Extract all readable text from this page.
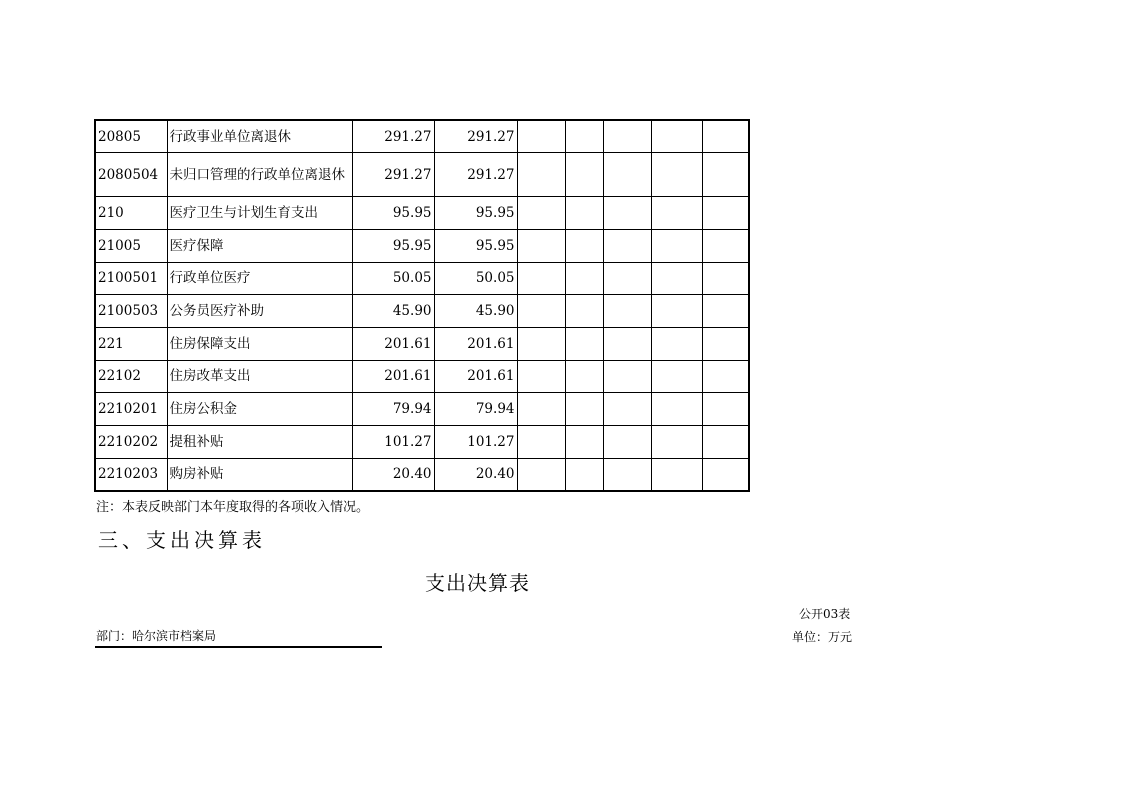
20805	行政事业单位离退休	291.27	291.27					
2080504	未归口管理的行政单位离退休	291.27	291.27					
210	医疗卫生与计划生育支出	95.95	95.95					
21005	医疗保障	95.95	95.95					
2100501	行政单位医疗	50.05	50.05					
2100503	公务员医疗补助	45.90	45.90					
221	住房保障支出	201.61	201.61					
22102	住房改革支出	201.61	201.61					
2210201	住房公积金	79.94	79.94					
2210202	提租补贴	101.27	101.27					
2210203	购房补贴	20.40	20.40					
注：本表反映部门本年度取得的各项收入情况。
三、支出决算表
支出决算表
公开03表
部门：哈尔滨市档案局	单位：万元
